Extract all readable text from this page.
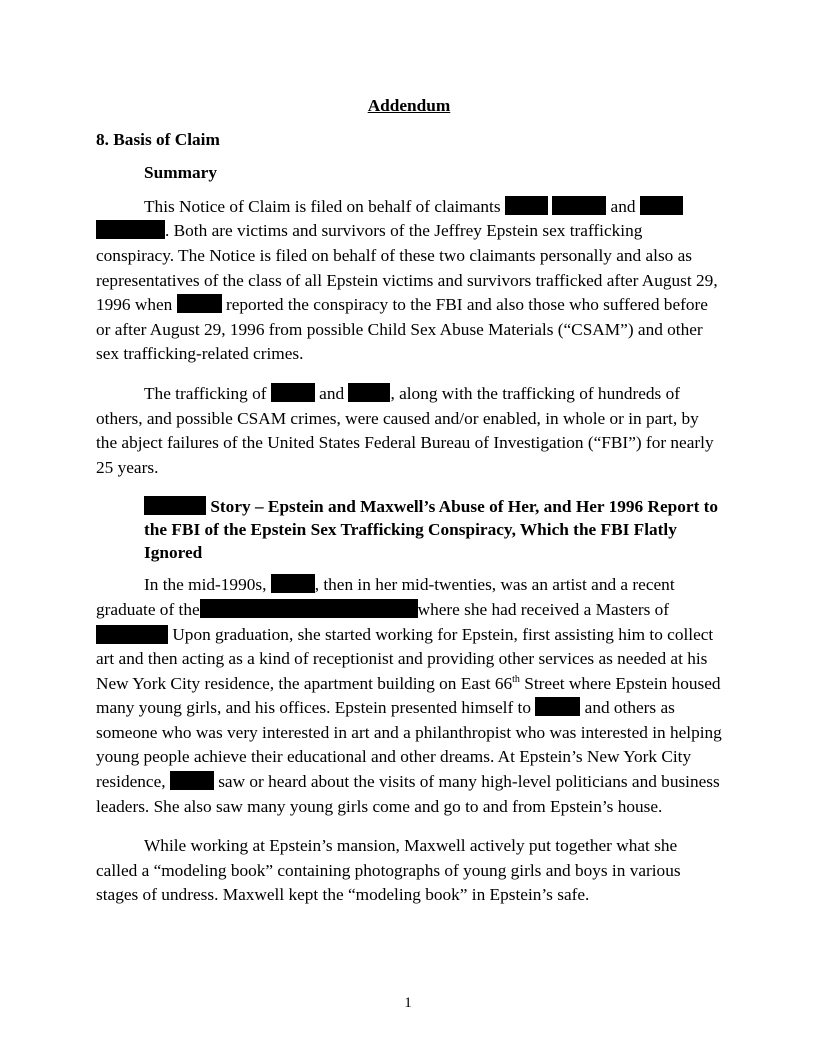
Addendum
8. Basis of Claim
Summary

This Notice of Claim is filed on behalf of claimants	and  . Both are victims and survivors of the Jeffrey Epstein sex trafficking conspiracy. The Notice is filed on behalf of these two claimants personally and also as representatives of the class of all Epstein victims and survivors trafficked after August 29, 1996 when	reported the conspiracy to the FBI and also those who suffered before or after August 29, 1996 from possible Child Sex Abuse Materials (“CSAM”) and other sex trafficking-related crimes.

The trafficking of	and , along with the trafficking of hundreds of others, and possible CSAM crimes, were caused and/or enabled, in whole or in part, by the abject failures of the United States Federal Bureau of Investigation (“FBI”) for nearly 25 years.

Story – Epstein and Maxwell’s Abuse of Her, and Her 1996 Report to the FBI of the Epstein Sex Trafficking Conspiracy, Which the FBI Flatly Ignored

In the mid-1990s,	, then in her mid-twenties, was an artist and a recent graduate of the	where she had received a Masters of  Upon graduation, she started working for Epstein, first assisting him to collect art and then acting as a kind of receptionist and providing other services as needed at his New York City residence, the apartment building on East 66th Street where Epstein housed many young girls, and his offices. Epstein presented himself to	and others as someone who was very interested in art and a philanthropist who was interested in helping young people achieve their educational and other dreams. At Epstein’s New York City residence,	saw or heard about the visits of many high-level politicians and business leaders. She also saw many young girls come and go to and from Epstein’s house.

While working at Epstein’s mansion, Maxwell actively put together what she called a “modeling book” containing photographs of young girls and boys in various stages of undress. Maxwell kept the “modeling book” in Epstein’s safe.

1
